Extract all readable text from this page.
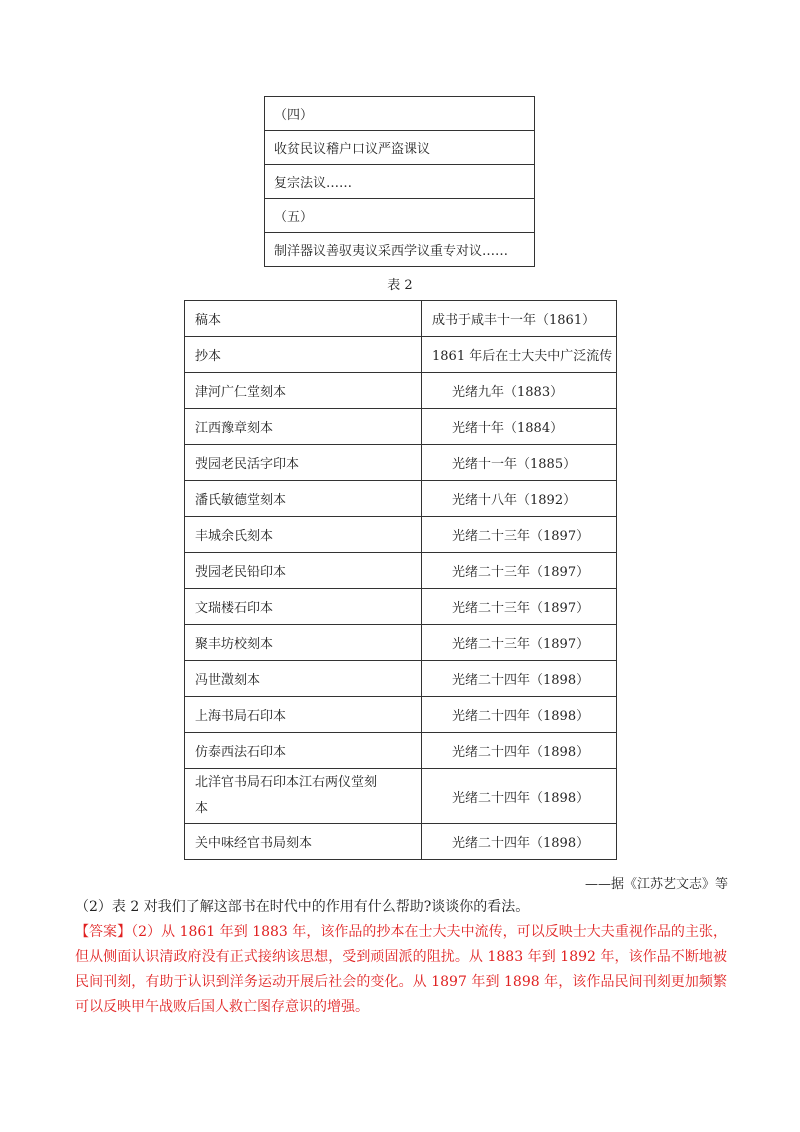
（四）
收贫民议稽户口议严盗课议
复宗法议……
（五）
制洋器议善驭夷议采西学议重专对议……
表 2
稿本	成书于咸丰十一年（1861）
抄本	1861 年后在士大夫中广泛流传
津河广仁堂刻本	光绪九年（1883）
江西豫章刻本	光绪十年（1884）
弢园老民活字印本	光绪十一年（1885）
潘氏敏德堂刻本	光绪十八年（1892）
丰城余氏刻本	光绪二十三年（1897）
弢园老民铅印本	光绪二十三年（1897）
文瑞楼石印本	光绪二十三年（1897）
聚丰坊校刻本	光绪二十三年（1897）
冯世澂刻本	光绪二十四年（1898）
上海书局石印本	光绪二十四年（1898）
仿泰西法石印本	光绪二十四年（1898）

北洋官书局石印本江右两仪堂刻
本	光绪二十四年（1898）
关中味经官书局刻本	光绪二十四年（1898）
——据《江苏艺文志》等
（2）表 2 对我们了解这部书在时代中的作用有什么帮助?谈谈你的看法。
【答案】（2）从 1861 年到 1883 年，该作品的抄本在士大夫中流传，可以反映士大夫重视作品的主张，但从侧面认识清政府没有正式接纳该思想，受到顽固派的阻扰。从 1883 年到 1892 年，该作品不断地被民间刊刻，有助于认识到洋务运动开展后社会的变化。从 1897 年到 1898 年，该作品民间刊刻更加频繁可以反映甲午战败后国人救亡图存意识的增强。
